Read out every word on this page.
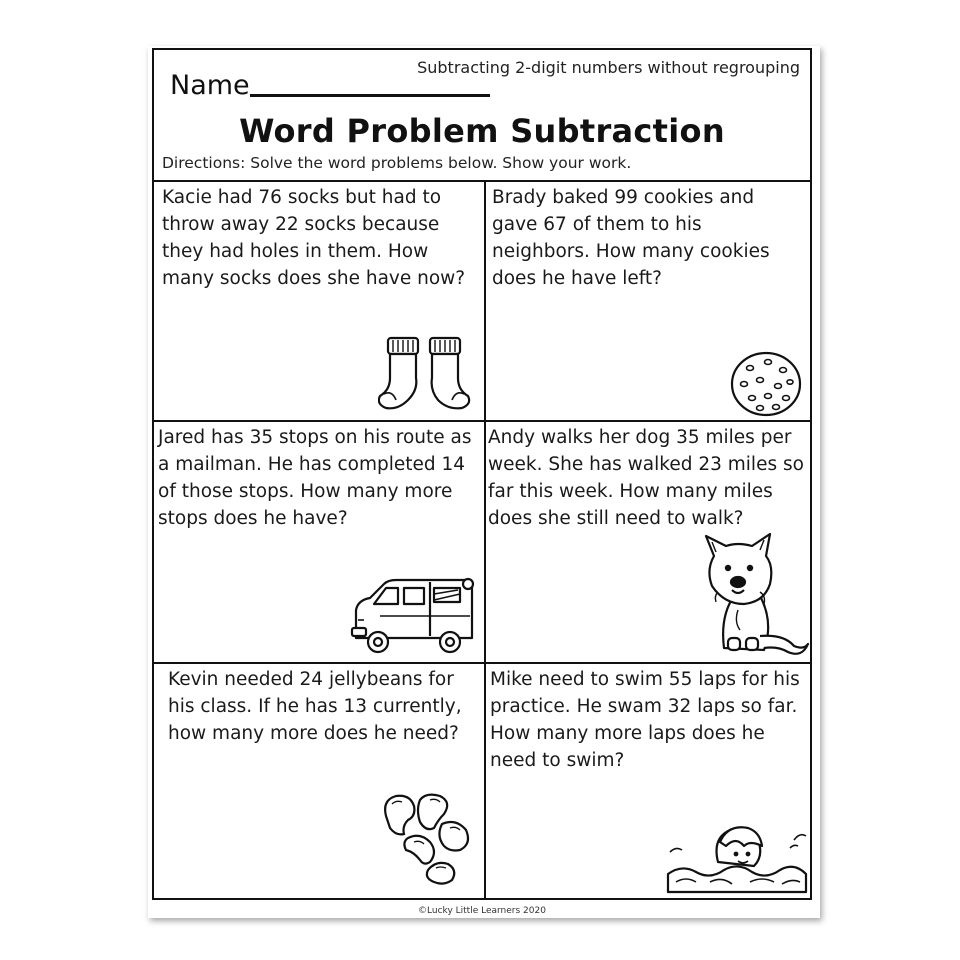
Subtracting 2-digit numbers without regrouping
Name
Word Problem Subtraction
Directions: Solve the word problems below. Show your work.
Kacie had 76 socks but had to throw away 22 socks because they had holes in them. How many socks does she have now?
Brady baked 99 cookies and gave 67 of them to his neighbors. How many cookies does he have left?
Jared has 35 stops on his route as a mailman. He has completed 14 of those stops. How many more stops does he have?
Andy walks her dog 35 miles per week. She has walked 23 miles so far this week. How many miles does she still need to walk?
Kevin needed 24 jellybeans for his class. If he has 13 currently, how many more does he need?
Mike need to swim 55 laps for his practice. He swam 32 laps so far. How many more laps does he need to swim?
©Lucky Little Learners 2020
